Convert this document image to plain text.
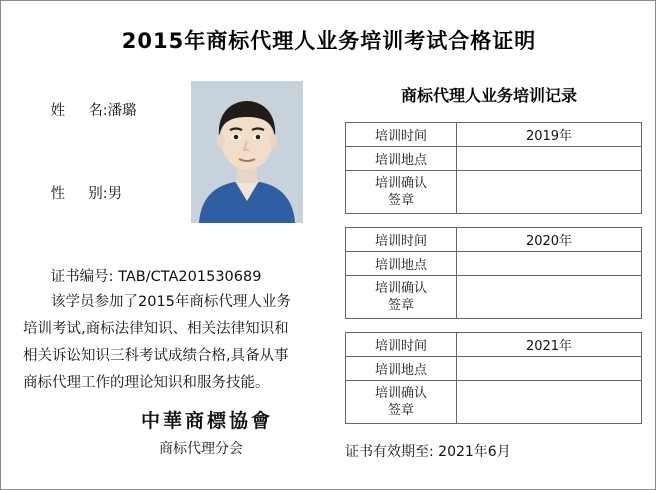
2015年商标代理人业务培训考试合格证明

姓     名:潘璐

性     别:男

证书编号: TAB/CTA201530689

该学员参加了2015年商标代理人业务
培训考试,商标法律知识、相关法律知识和
相关诉讼知识三科考试成绩合格,具备从事
商标代理工作的理论知识和服务技能。
中華商標協會
商标代理分会
商标代理人业务培训记录
培训时间	2019年
培训地点	

培训确认
签章	

培训时间	2020年
培训地点	

培训确认
签章	

培训时间	2021年
培训地点	

培训确认
签章	

证书有效期至: 2021年6月
